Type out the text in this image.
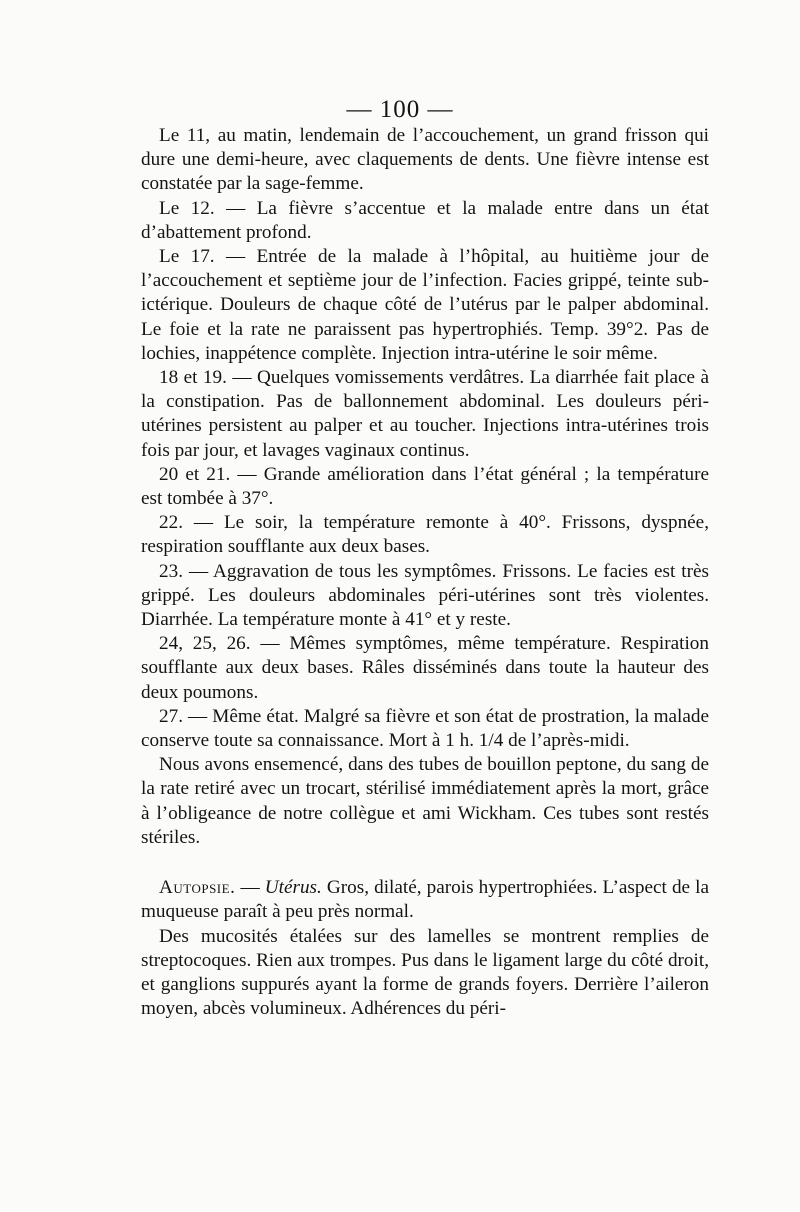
— 100 —

Le 11, au matin, lendemain de l’accouchement, un grand frisson qui dure une demi-heure, avec claquements de dents. Une fièvre intense est constatée par la sage-femme.

Le 12. — La fièvre s’accentue et la malade entre dans un état d’abattement profond.

Le 17. — Entrée de la malade à l’hôpital, au huitième jour de l’accouchement et septième jour de l’infection. Facies grippé, teinte sub-ictérique. Douleurs de chaque côté de l’utérus par le palper abdominal. Le foie et la rate ne paraissent pas hypertrophiés. Temp. 39°2. Pas de lochies, inappétence complète. Injection intra-utérine le soir même.

18 et 19. — Quelques vomissements verdâtres. La diarrhée fait place à la constipation. Pas de ballonnement abdominal. Les douleurs péri-utérines persistent au palper et au toucher. Injections intra-utérines trois fois par jour, et lavages vaginaux continus.

20 et 21. — Grande amélioration dans l’état général ; la température est tombée à 37°.

22. — Le soir, la température remonte à 40°. Frissons, dyspnée, respiration soufflante aux deux bases.

23. — Aggravation de tous les symptômes. Frissons. Le facies est très grippé. Les douleurs abdominales péri-utérines sont très violentes. Diarrhée. La température monte à 41° et y reste.

24, 25, 26. — Mêmes symptômes, même température. Respiration soufflante aux deux bases. Râles disséminés dans toute la hauteur des deux poumons.

27. — Même état. Malgré sa fièvre et son état de prostration, la malade conserve toute sa connaissance. Mort à 1 h. 1/4 de l’après-midi.

Nous avons ensemencé, dans des tubes de bouillon peptone, du sang de la rate retiré avec un trocart, stérilisé immédiatement après la mort, grâce à l’obligeance de notre collègue et ami Wickham. Ces tubes sont restés stériles.

Autopsie. — Utérus. Gros, dilaté, parois hypertrophiées. L’aspect de la muqueuse paraît à peu près normal.

Des mucosités étalées sur des lamelles se montrent remplies de streptocoques. Rien aux trompes. Pus dans le ligament large du côté droit, et ganglions suppurés ayant la forme de grands foyers. Derrière l’aileron moyen, abcès volumineux. Adhérences du péri-
